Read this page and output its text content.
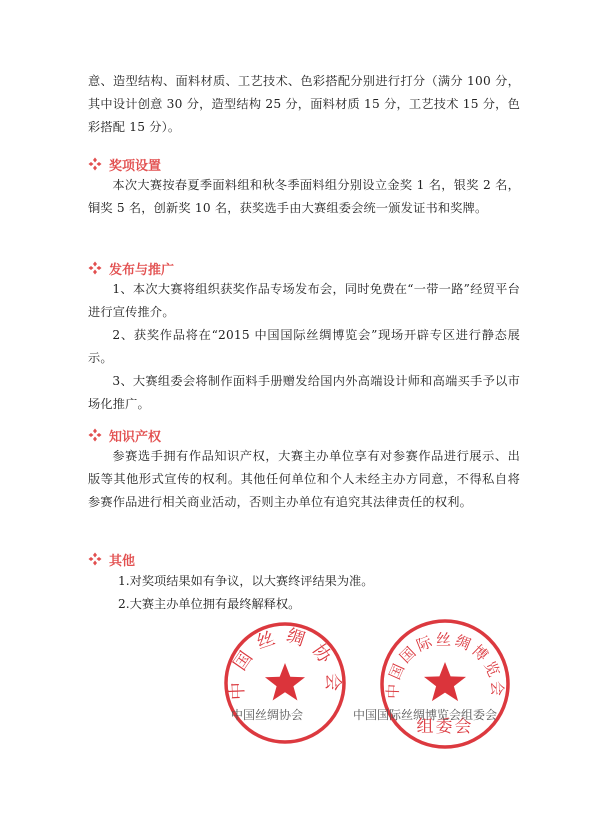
意、造型结构、面料材质、工艺技术、色彩搭配分别进行打分（满分 100 分，其中设计创意 30 分，造型结构 25 分，面料材质 15 分，工艺技术 15 分，色彩搭配 15 分）。

奖项设置

本次大赛按春夏季面料组和秋冬季面料组分别设立金奖 1 名，银奖 2 名，铜奖 5 名，创新奖 10 名，获奖选手由大赛组委会统一颁发证书和奖牌。

发布与推广

1、本次大赛将组织获奖作品专场发布会，同时免费在“一带一路”经贸平台进行宣传推介。

2、获奖作品将在“2015 中国国际丝绸博览会”现场开辟专区进行静态展示。

3、大赛组委会将制作面料手册赠发给国内外高端设计师和高端买手予以市场化推广。

知识产权

参赛选手拥有作品知识产权，大赛主办单位享有对参赛作品进行展示、出版等其他形式宣传的权利。其他任何单位和个人未经主办方同意，不得私自将参赛作品进行相关商业活动，否则主办单位有追究其法律责任的权利。

其他

1.对奖项结果如有争议，以大赛终评结果为准。

2.大赛主办单位拥有最终解释权。

中国丝绸协会	中国国际丝绸博览会
组委会
中国丝绸协会	中国国际丝绸博览会组委会
